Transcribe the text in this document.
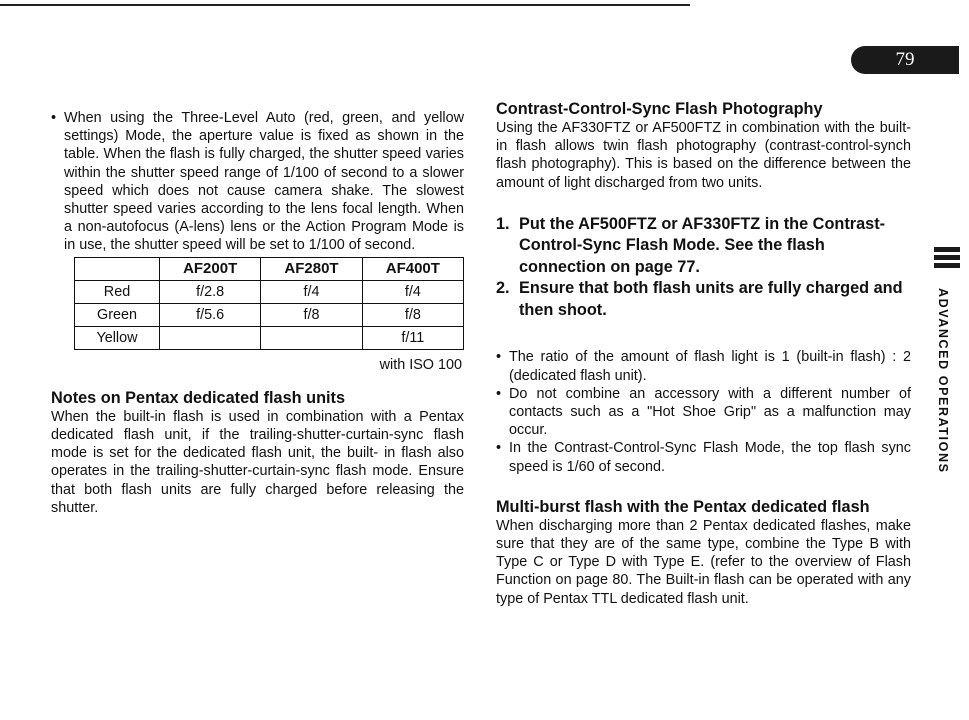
79
ADVANCED OPERATIONS

• When using the Three-Level Auto (red, green, and yellow settings) Mode, the aperture value is fixed as shown in the table. When the flash is fully charged, the shutter speed varies within the shutter speed range of 1/100 of second to a slower speed which does not cause camera shake. The slowest shutter speed varies according to the lens focal length. When a non-autofocus (A-lens) lens or the Action Program Mode is in use, the shutter speed will be set to 1/100 of second.

	AF200T	AF280T	AF400T
Red	f/2.8	f/4	f/4
Green	f/5.6	f/8	f/8
Yellow			f/11

with ISO 100

Notes on Pentax dedicated flash units

When the built-in flash is used in combination with a Pentax dedicated flash unit, if the trailing-shutter-curtain-sync flash mode is set for the dedicated flash unit, the built- in flash also operates in the trailing-shutter-curtain-sync flash mode. Ensure that both flash units are fully charged before releasing the shutter.

Contrast-Control-Sync Flash Photography

Using the AF330FTZ or AF500FTZ in combination with the built-in flash allows twin flash photography (contrast-control-synch flash photography). This is based on the difference between the amount of light discharged from two units.

1. Put the AF500FTZ or AF330FTZ in the Contrast-Control-Sync Flash Mode. See the flash connection on page 77.
2. Ensure that both flash units are fully charged and then shoot.

• The ratio of the amount of flash light is 1 (built-in flash) : 2 (dedicated flash unit).

• Do not combine an accessory with a different number of contacts such as a "Hot Shoe Grip" as a malfunction may occur.

• In the Contrast-Control-Sync Flash Mode, the top flash sync speed is 1/60 of second.

Multi-burst flash with the Pentax dedicated flash

When discharging more than 2 Pentax dedicated flashes, make sure that they are of the same type, combine the Type B with Type C or Type D with Type E. (refer to the overview of Flash Function on page 80. The Built-in flash can be operated with any type of Pentax TTL dedicated flash unit.
